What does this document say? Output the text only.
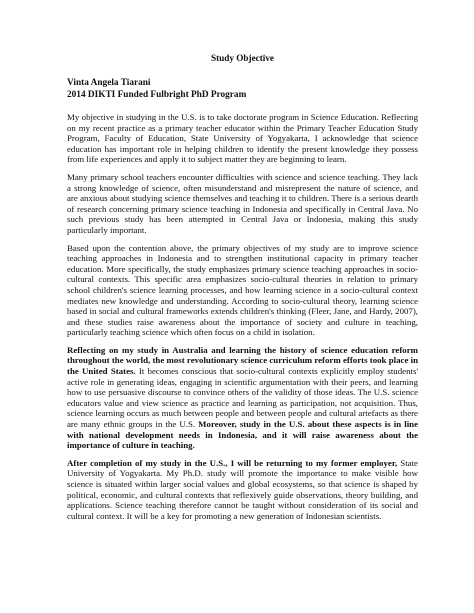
Study Objective
Vinta Angela Tiarani
2014 DIKTI Funded Fulbright PhD Program

My objective in studying in the U.S. is to take doctorate program in Science Education. Reflecting on my recent practice as a primary teacher educator within the Primary Teacher Education Study Program, Faculty of Education, State University of Yogyakarta, I acknowledge that science education has important role in helping children to identify the present knowledge they possess from life experiences and apply it to subject matter they are beginning to learn.

Many primary school teachers encounter difficulties with science and science teaching. They lack a strong knowledge of science, often misunderstand and misrepresent the nature of science, and are anxious about studying science themselves and teaching it to children. There is a serious dearth of research concerning primary science teaching in Indonesia and specifically in Central Java. No such previous study has been attempted in Central Java or Indonesia, making this study particularly important.

Based upon the contention above, the primary objectives of my study are to improve science teaching approaches in Indonesia and to strengthen institutional capacity in primary teacher education. More specifically, the study emphasizes primary science teaching approaches in socio-cultural contexts. This specific area emphasizes socio-cultural theories in relation to primary school children's science learning processes, and how learning science in a socio-cultural context mediates new knowledge and understanding. According to socio-cultural theory, learning science based in social and cultural frameworks extends children's thinking (Fleer, Jane, and Hardy, 2007), and these studies raise awareness about the importance of society and culture in teaching, particularly teaching science which often focus on a child in isolation.

Reflecting on my study in Australia and learning the history of science education reform throughout the world, the most revolutionary science curriculum reform efforts took place in the United States. It becomes conscious that socio-cultural contexts explicitly employ students' active role in generating ideas, engaging in scientific argumentation with their peers, and learning how to use persuasive discourse to convince others of the validity of those ideas. The U.S. science educators value and view science as practice and learning as participation, not acquisition. Thus, science learning occurs as much between people and between people and cultural artefacts as there are many ethnic groups in the U.S. Moreover, study in the U.S. about these aspects is in line with national development needs in Indonesia, and it will raise awareness about the importance of culture in teaching.

After completion of my study in the U.S., I will be returning to my former employer, State University of Yogyakarta. My Ph.D. study will promote the importance to make visible how science is situated within larger social values and global ecosystems, so that science is shaped by political, economic, and cultural contexts that reflexively guide observations, theory building, and applications. Science teaching therefore cannot be taught without consideration of its social and cultural context. It will be a key for promoting a new generation of Indonesian scientists.
